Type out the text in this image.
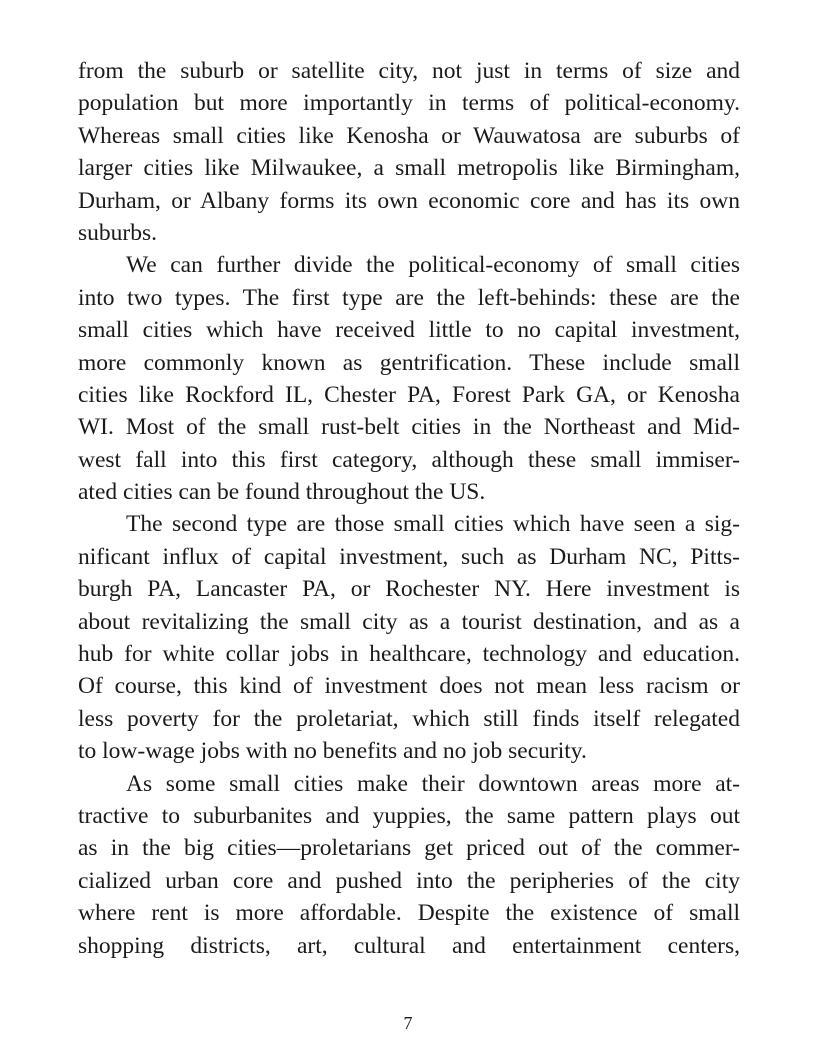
from the suburb or satellite city, not just in terms of size and
population but more importantly in terms of political-economy.
Whereas small cities like Kenosha or Wauwatosa are suburbs of
larger cities like Milwaukee, a small metropolis like Birmingham,
Durham, or Albany forms its own economic core and has its own
suburbs.
We can further divide the political-economy of small cities
into two types. The first type are the left-behinds: these are the
small cities which have received little to no capital investment,
more commonly known as gentrification. These include small
cities like Rockford IL, Chester PA, Forest Park GA, or Kenosha
WI. Most of the small rust-belt cities in the Northeast and Mid-
west fall into this first category, although these small immiser-
ated cities can be found throughout the US.
The second type are those small cities which have seen a sig-
nificant influx of capital investment, such as Durham NC, Pitts-
burgh PA, Lancaster PA, or Rochester NY. Here investment is
about revitalizing the small city as a tourist destination, and as a
hub for white collar jobs in healthcare, technology and education.
Of course, this kind of investment does not mean less racism or
less poverty for the proletariat, which still finds itself relegated
to low-wage jobs with no benefits and no job security.
As some small cities make their downtown areas more at-
tractive to suburbanites and yuppies, the same pattern plays out
as in the big cities—proletarians get priced out of the commer-
cialized urban core and pushed into the peripheries of the city
where rent is more affordable. Despite the existence of small
shopping districts, art, cultural and entertainment centers,
7
